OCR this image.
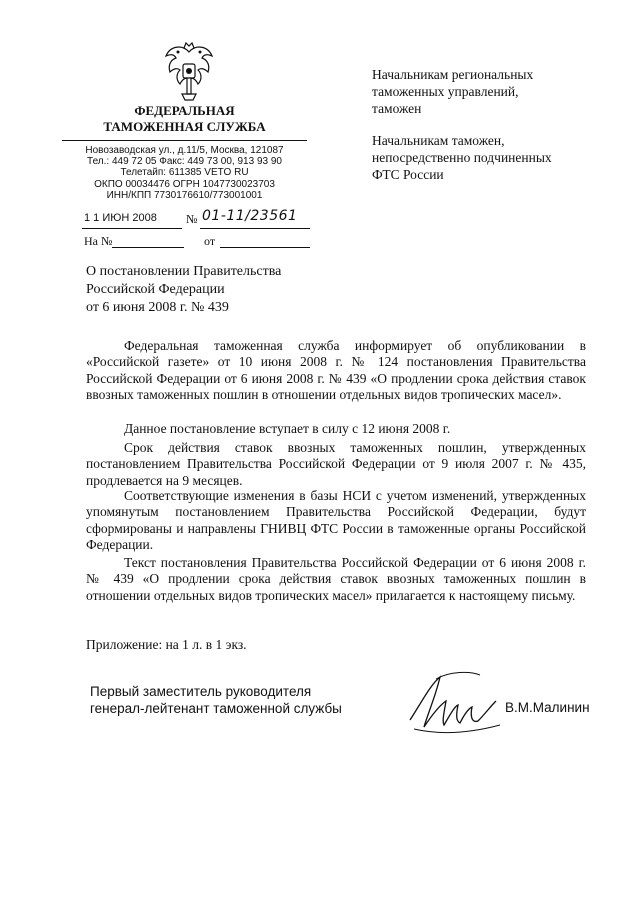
ФЕДЕРАЛЬНАЯ
ТАМОЖЕННАЯ СЛУЖБА
Новозаводская ул., д.11/5, Москва, 121087
Тел.: 449 72 05 Факс: 449 73 00, 913 93 90
Телетайп: 611385 VETO RU
ОКПО 00034476 ОГРН 1047730023703
ИНН/КПП 7730176610/773001001
1 1 ИЮН 2008 № 01-11/23561
На №	от
Начальникам региональных
таможенных управлений,
таможен
Начальникам таможен,
непосредственно подчиненных
ФТС России
О постановлении Правительства
Российской Федерации
от 6 июня 2008 г. № 439
Федеральная таможенная служба информирует об опубликовании в «Российской газете» от 10 июня 2008 г. № 124 постановления Правительства Российской Федерации от 6 июня 2008 г. № 439 «О продлении срока действия ставок ввозных таможенных пошлин в отношении отдельных видов тропических масел».
Данное постановление вступает в силу с 12 июня 2008 г.
Срок действия ставок ввозных таможенных пошлин, утвержденных постановлением Правительства Российской Федерации от 9 июля 2007 г. № 435, продлевается на 9 месяцев.
Соответствующие изменения в базы НСИ с учетом изменений, утвержденных упомянутым постановлением Правительства Российской Федерации, будут сформированы и направлены ГНИВЦ ФТС России в таможенные органы Российской Федерации.
Текст постановления Правительства Российской Федерации от 6 июня 2008 г. № 439 «О продлении срока действия ставок ввозных таможенных пошлин в отношении отдельных видов тропических масел» прилагается к настоящему письму.
Приложение: на 1 л. в 1 экз.
Первый заместитель руководителя
генерал-лейтенант таможенной службы	В.М.Малинин
